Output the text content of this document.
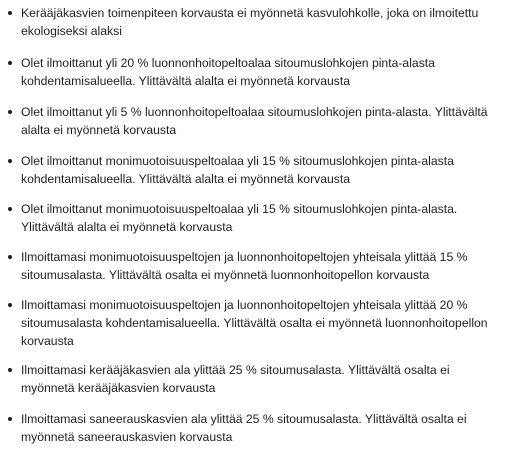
Kerääjäkasvien toimenpiteen korvausta ei myönnetä kasvulohkolle, joka on ilmoitettu ekologiseksi alaksi
Olet ilmoittanut yli 20 % luonnonhoitopeltoalaa sitoumuslohkojen pinta-alasta kohdentamisalueella. Ylittävältä alalta ei myönnetä korvausta
Olet ilmoittanut yli 5 % luonnonhoitopeltoalaa sitoumuslohkojen pinta-alasta. Ylittävältä alalta ei myönnetä korvausta
Olet ilmoittanut monimuotoisuuspeltoalaa yli 15 % sitoumuslohkojen pinta-alasta kohdentamisalueella. Ylittävältä alalta ei myönnetä korvausta
Olet ilmoittanut monimuotoisuuspeltoalaa yli 15 % sitoumuslohkojen pinta-alasta. Ylittävältä alalta ei myönnetä korvausta
Ilmoittamasi monimuotoisuuspeltojen ja luonnonhoitopeltojen yhteisala ylittää 15 % sitoumusalasta. Ylittävältä osalta ei myönnetä luonnonhoitopellon korvausta
Ilmoittamasi monimuotoisuuspeltojen ja luonnonhoitopeltojen yhteisala ylittää 20 % sitoumusalasta kohdentamisalueella. Ylittävältä osalta ei myönnetä luonnonhoitopellon korvausta
Ilmoittamasi kerääjäkasvien ala ylittää 25 % sitoumusalasta. Ylittävältä osalta ei myönnetä kerääjäkasvien korvausta
Ilmoittamasi saneerauskasvien ala ylittää 25 % sitoumusalasta. Ylittävältä osalta ei myönnetä saneerauskasvien korvausta
